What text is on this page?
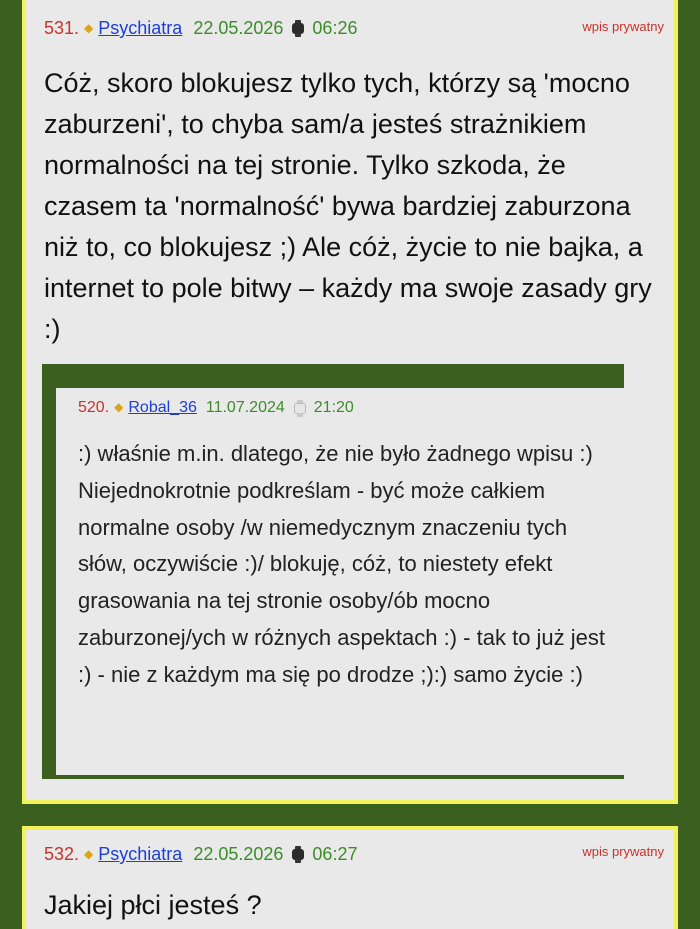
531. ◆ Psychiatra 22.05.2026 06:26	wpis prywatny
Cóż, skoro blokujesz tylko tych, którzy są 'mocno zaburzeni', to chyba sam/a jesteś strażnikiem normalności na tej stronie. Tylko szkoda, że czasem ta 'normalność' bywa bardziej zaburzona niż to, co blokujesz ;) Ale cóż, życie to nie bajka, a internet to pole bitwy – każdy ma swoje zasady gry :)
520. ◆ Robal_36 11.07.2024 21:20
:) właśnie m.in. dlatego, że nie było żadnego wpisu :)
Niejednokrotnie podkreślam - być może całkiem normalne osoby /w niemedycznym znaczeniu tych słów, oczywiście :)/ blokuję, cóż, to niestety efekt grasowania na tej stronie osoby/ób mocno zaburzonej/ych w różnych aspektach :) - tak to już jest :) - nie z każdym ma się po drodze ;):) samo życie :)
532. ◆ Psychiatra 22.05.2026 06:27	wpis prywatny
Jakiej płci jesteś ?
